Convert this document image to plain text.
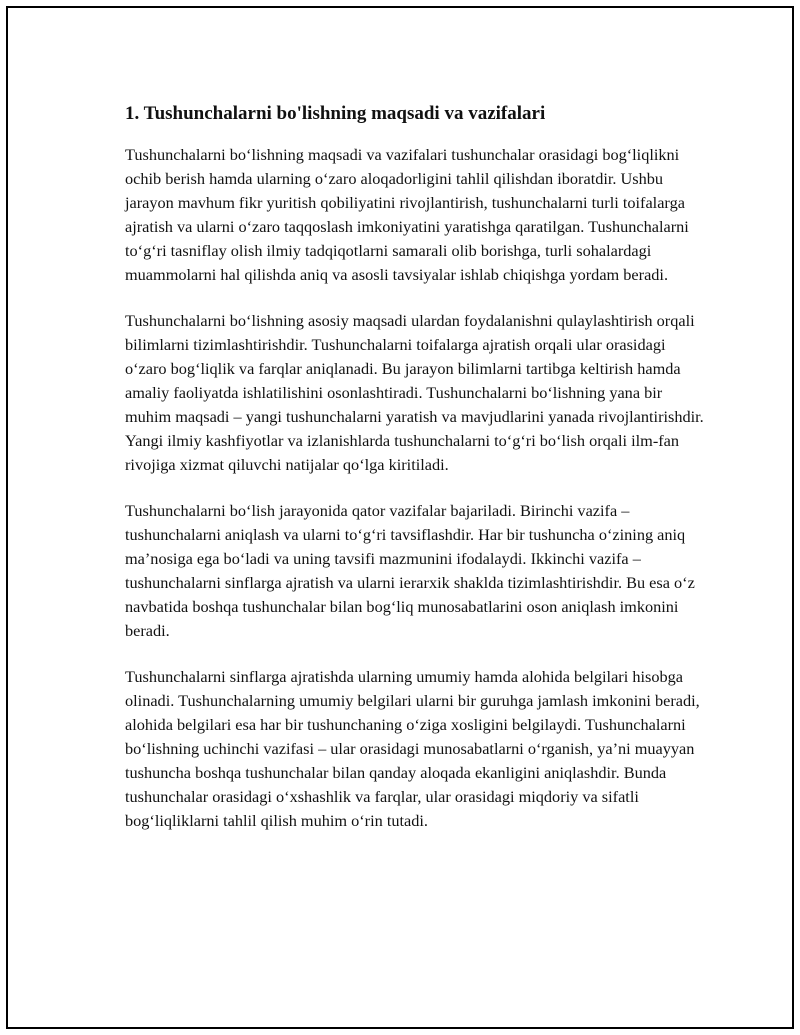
1. Tushunchalarni bo'lishning maqsadi va vazifalari

Tushunchalarni bo‘lishning maqsadi va vazifalari tushunchalar orasidagi bog‘liqlikni ochib berish hamda ularning o‘zaro aloqadorligini tahlil qilishdan iboratdir. Ushbu jarayon mavhum fikr yuritish qobiliyatini rivojlantirish, tushunchalarni turli toifalarga ajratish va ularni o‘zaro taqqoslash imkoniyatini yaratishga qaratilgan. Tushunchalarni to‘g‘ri tasniflay olish ilmiy tadqiqotlarni samarali olib borishga, turli sohalardagi muammolarni hal qilishda aniq va asosli tavsiyalar ishlab chiqishga yordam beradi.

Tushunchalarni bo‘lishning asosiy maqsadi ulardan foydalanishni qulaylashtirish orqali bilimlarni tizimlashtirishdir. Tushunchalarni toifalarga ajratish orqali ular orasidagi o‘zaro bog‘liqlik va farqlar aniqlanadi. Bu jarayon bilimlarni tartibga keltirish hamda amaliy faoliyatda ishlatilishini osonlashtiradi. Tushunchalarni bo‘lishning yana bir muhim maqsadi – yangi tushunchalarni yaratish va mavjudlarini yanada rivojlantirishdir. Yangi ilmiy kashfiyotlar va izlanishlarda tushunchalarni to‘g‘ri bo‘lish orqali ilm-fan rivojiga xizmat qiluvchi natijalar qo‘lga kiritiladi.

Tushunchalarni bo‘lish jarayonida qator vazifalar bajariladi. Birinchi vazifa – tushunchalarni aniqlash va ularni to‘g‘ri tavsiflashdir. Har bir tushuncha o‘zining aniq ma’nosiga ega bo‘ladi va uning tavsifi mazmunini ifodalaydi. Ikkinchi vazifa – tushunchalarni sinflarga ajratish va ularni ierarxik shaklda tizimlashtirishdir. Bu esa o‘z navbatida boshqa tushunchalar bilan bog‘liq munosabatlarini oson aniqlash imkonini beradi.

Tushunchalarni sinflarga ajratishda ularning umumiy hamda alohida belgilari hisobga olinadi. Tushunchalarning umumiy belgilari ularni bir guruhga jamlash imkonini beradi, alohida belgilari esa har bir tushunchaning o‘ziga xosligini belgilaydi. Tushunchalarni bo‘lishning uchinchi vazifasi – ular orasidagi munosabatlarni o‘rganish, ya’ni muayyan tushuncha boshqa tushunchalar bilan qanday aloqada ekanligini aniqlashdir. Bunda tushunchalar orasidagi o‘xshashlik va farqlar, ular orasidagi miqdoriy va sifatli bog‘liqliklarni tahlil qilish muhim o‘rin tutadi.
